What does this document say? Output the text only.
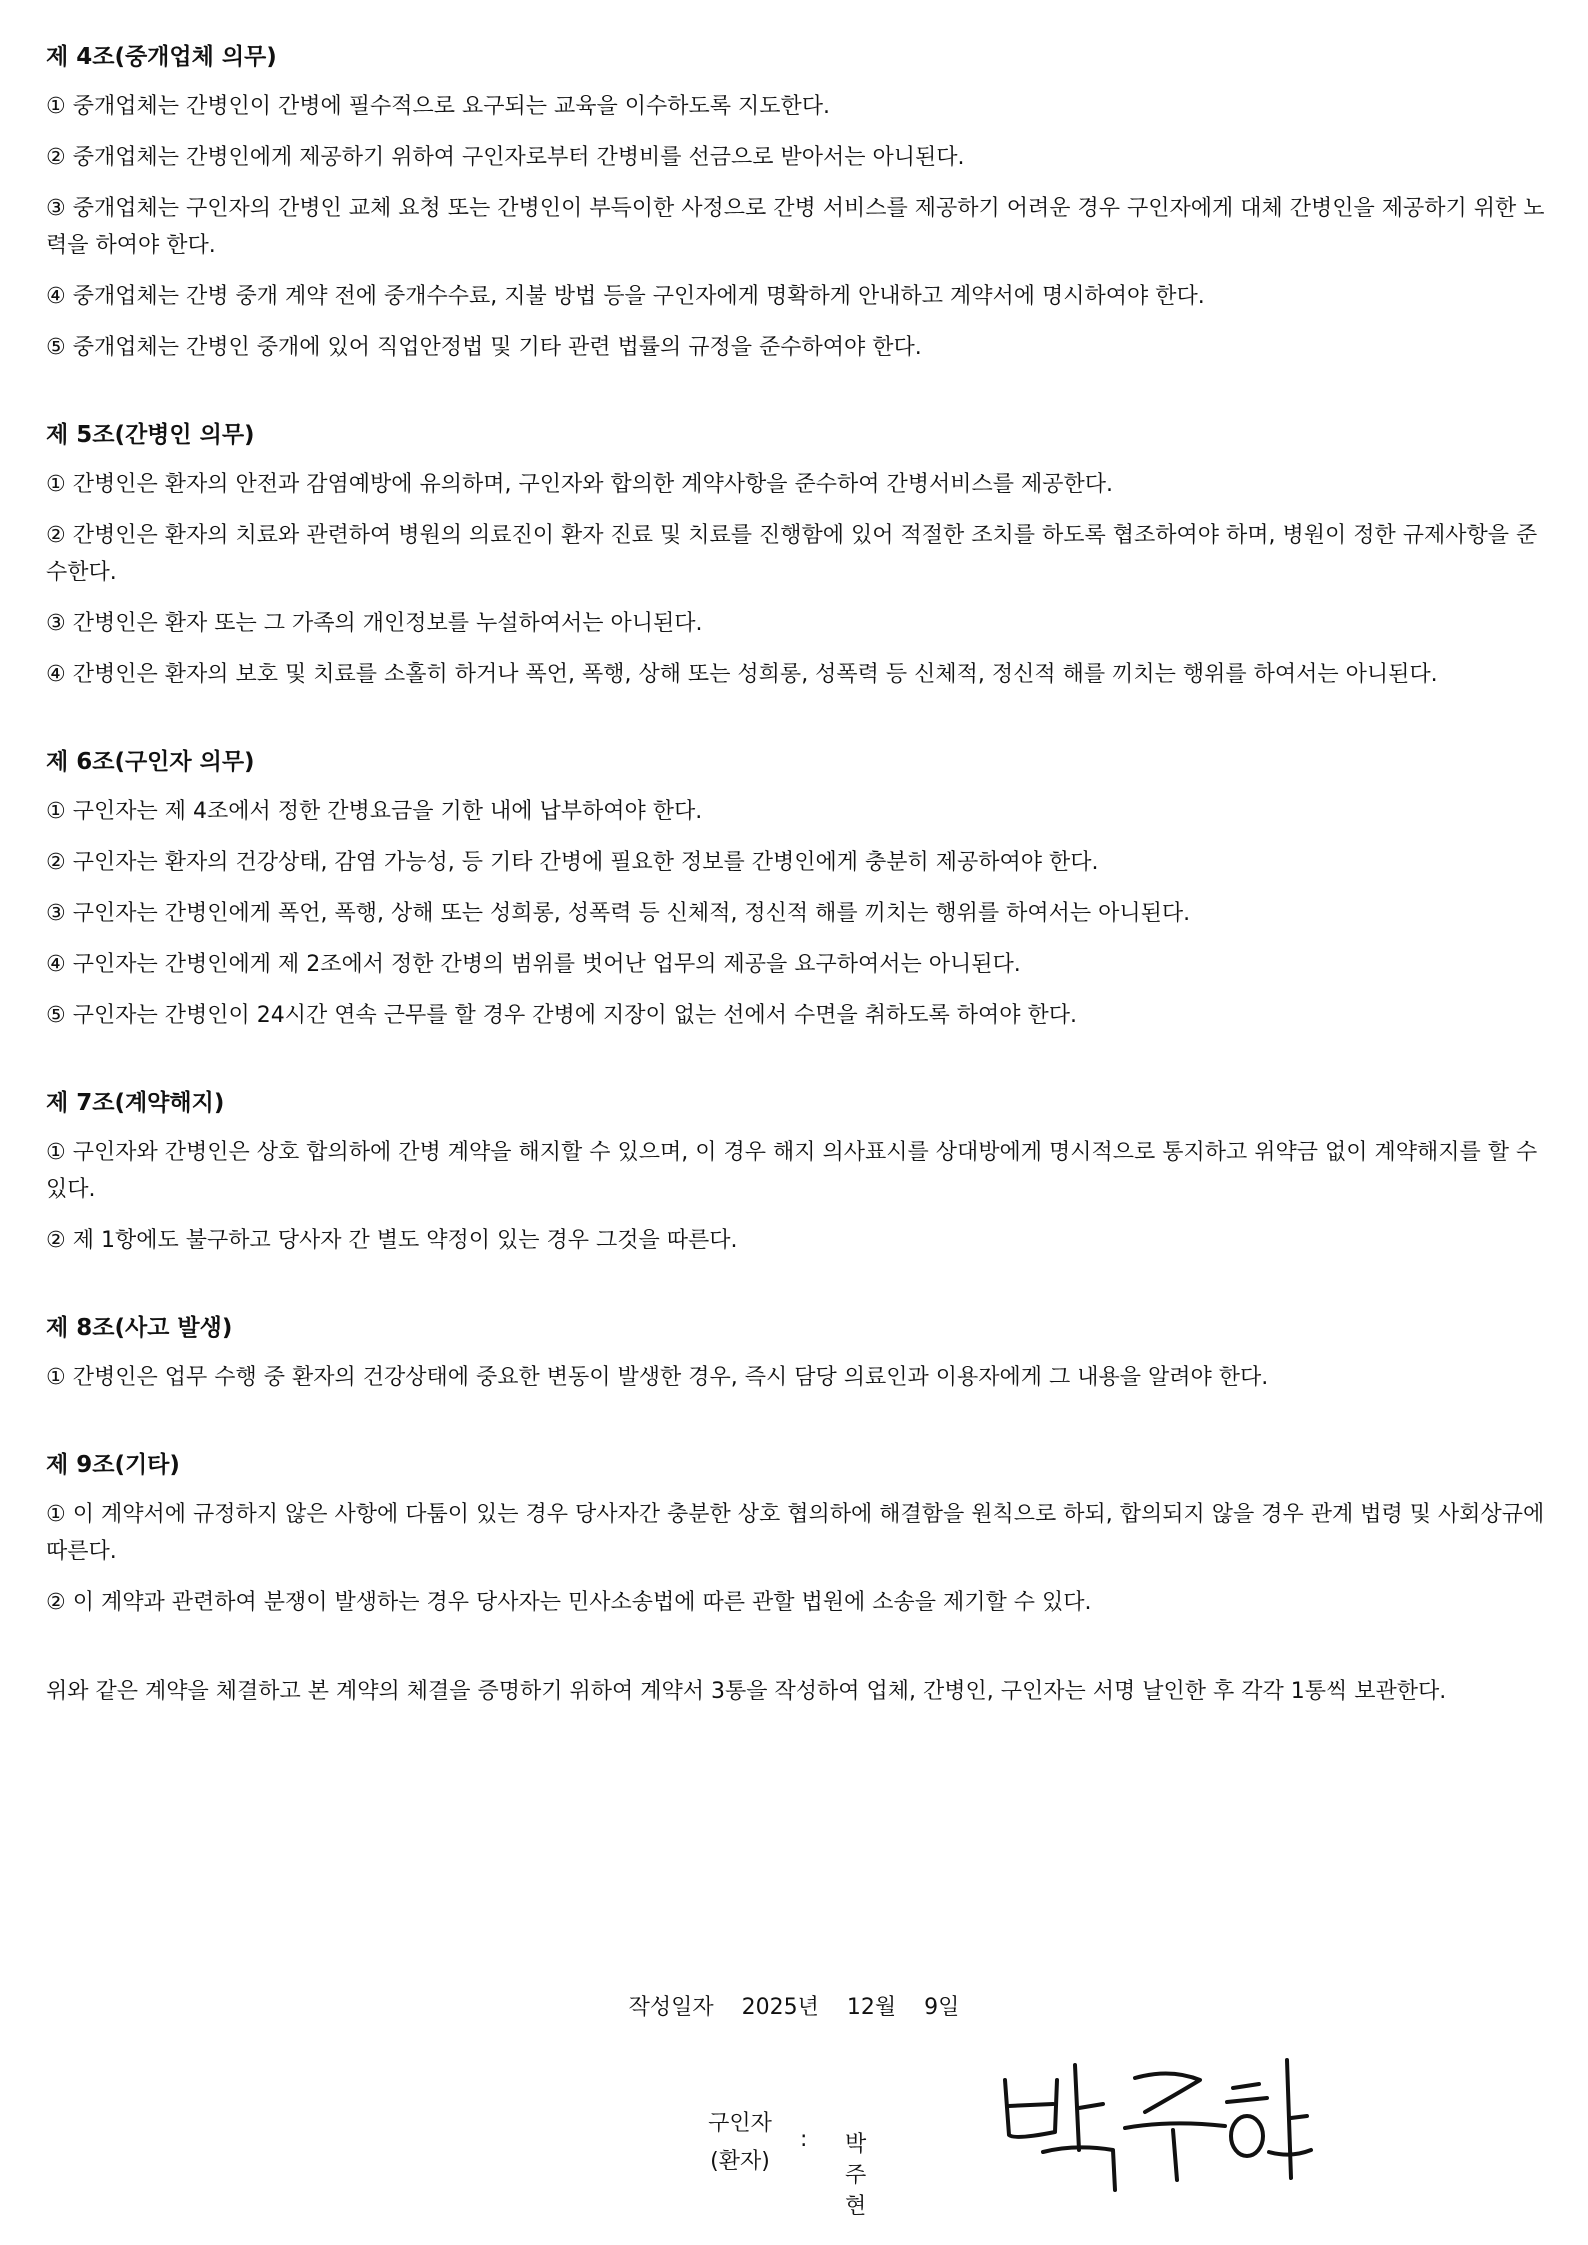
제 4조(중개업체 의무)
① 중개업체는 간병인이 간병에 필수적으로 요구되는 교육을 이수하도록 지도한다.
② 중개업체는 간병인에게 제공하기 위하여 구인자로부터 간병비를 선금으로 받아서는 아니된다.
③ 중개업체는 구인자의 간병인 교체 요청 또는 간병인이 부득이한 사정으로 간병 서비스를 제공하기 어려운 경우 구인자에게 대체 간병인을 제공하기 위한 노력을 하여야 한다.
④ 중개업체는 간병 중개 계약 전에 중개수수료, 지불 방법 등을 구인자에게 명확하게 안내하고 계약서에 명시하여야 한다.
⑤ 중개업체는 간병인 중개에 있어 직업안정법 및 기타 관련 법률의 규정을 준수하여야 한다.
제 5조(간병인 의무)
① 간병인은 환자의 안전과 감염예방에 유의하며, 구인자와 합의한 계약사항을 준수하여 간병서비스를 제공한다.
② 간병인은 환자의 치료와 관련하여 병원의 의료진이 환자 진료 및 치료를 진행함에 있어 적절한 조치를 하도록 협조하여야 하며, 병원이 정한 규제사항을 준수한다.
③ 간병인은 환자 또는 그 가족의 개인정보를 누설하여서는 아니된다.
④ 간병인은 환자의 보호 및 치료를 소홀히 하거나 폭언, 폭행, 상해 또는 성희롱, 성폭력 등 신체적, 정신적 해를 끼치는 행위를 하여서는 아니된다.
제 6조(구인자 의무)
① 구인자는 제 4조에서 정한 간병요금을 기한 내에 납부하여야 한다.
② 구인자는 환자의 건강상태, 감염 가능성, 등 기타 간병에 필요한 정보를 간병인에게 충분히 제공하여야 한다.
③ 구인자는 간병인에게 폭언, 폭행, 상해 또는 성희롱, 성폭력 등 신체적, 정신적 해를 끼치는 행위를 하여서는 아니된다.
④ 구인자는 간병인에게 제 2조에서 정한 간병의 범위를 벗어난 업무의 제공을 요구하여서는 아니된다.
⑤ 구인자는 간병인이 24시간 연속 근무를 할 경우 간병에 지장이 없는 선에서 수면을 취하도록 하여야 한다.
제 7조(계약해지)
① 구인자와 간병인은 상호 합의하에 간병 계약을 해지할 수 있으며, 이 경우 해지 의사표시를 상대방에게 명시적으로 통지하고 위약금 없이 계약해지를 할 수 있다.
② 제 1항에도 불구하고 당사자 간 별도 약정이 있는 경우 그것을 따른다.
제 8조(사고 발생)
① 간병인은 업무 수행 중 환자의 건강상태에 중요한 변동이 발생한 경우, 즉시 담당 의료인과 이용자에게 그 내용을 알려야 한다.
제 9조(기타)
① 이 계약서에 규정하지 않은 사항에 다툼이 있는 경우 당사자간 충분한 상호 협의하에 해결함을 원칙으로 하되, 합의되지 않을 경우 관계 법령 및 사회상규에 따른다.
② 이 계약과 관련하여 분쟁이 발생하는 경우 당사자는 민사소송법에 따른 관할 법원에 소송을 제기할 수 있다.
위와 같은 계약을 체결하고 본 계약의 체결을 증명하기 위하여 계약서 3통을 작성하여 업체, 간병인, 구인자는 서명 날인한 후 각각 1통씩 보관한다.
작성일자 2025년 12월 9일
구인자
(환자)
: 박주현
